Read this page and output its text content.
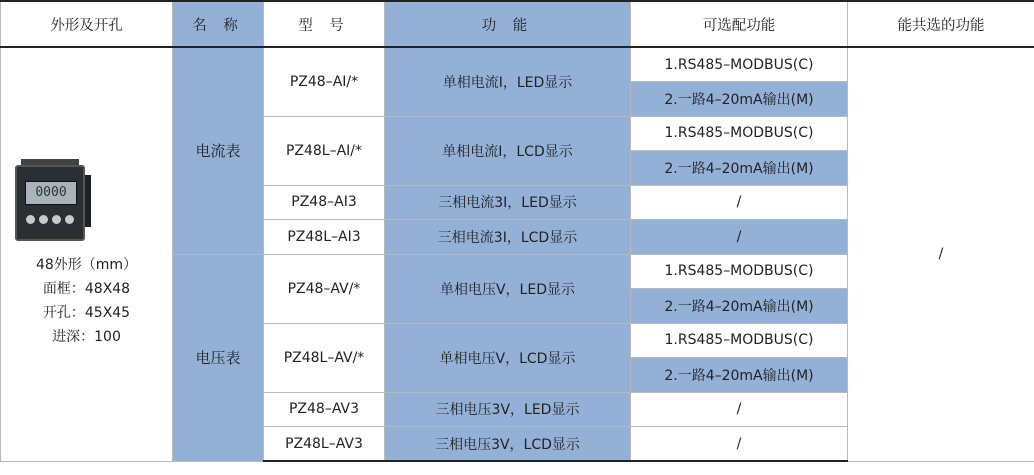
外形及开孔	名 称	型 号	功 能	可选配功能	能共选的功能

0000
48外形（mm）
面框：48X48
开孔：45X45
进深：100	电流表	PZ48–AI/*	单相电流I，LED显示	1.RS485–MODBUS(C)	/
				2.一路4–20mA输出(M)	
		PZ48L–AI/*	单相电流I，LCD显示	1.RS485–MODBUS(C)	
				2.一路4–20mA输出(M)	
		PZ48–AI3	三相电流3I，LED显示	/	
		PZ48L–AI3	三相电流3I，LCD显示	/	
	电压表	PZ48–AV/*	单相电压V，LED显示	1.RS485–MODBUS(C)	
				2.一路4–20mA输出(M)	
		PZ48L–AV/*	单相电压V，LCD显示	1.RS485–MODBUS(C)	
				2.一路4–20mA输出(M)	
		PZ48–AV3	三相电压3V，LED显示	/	
		PZ48L–AV3	三相电压3V，LCD显示	/	
